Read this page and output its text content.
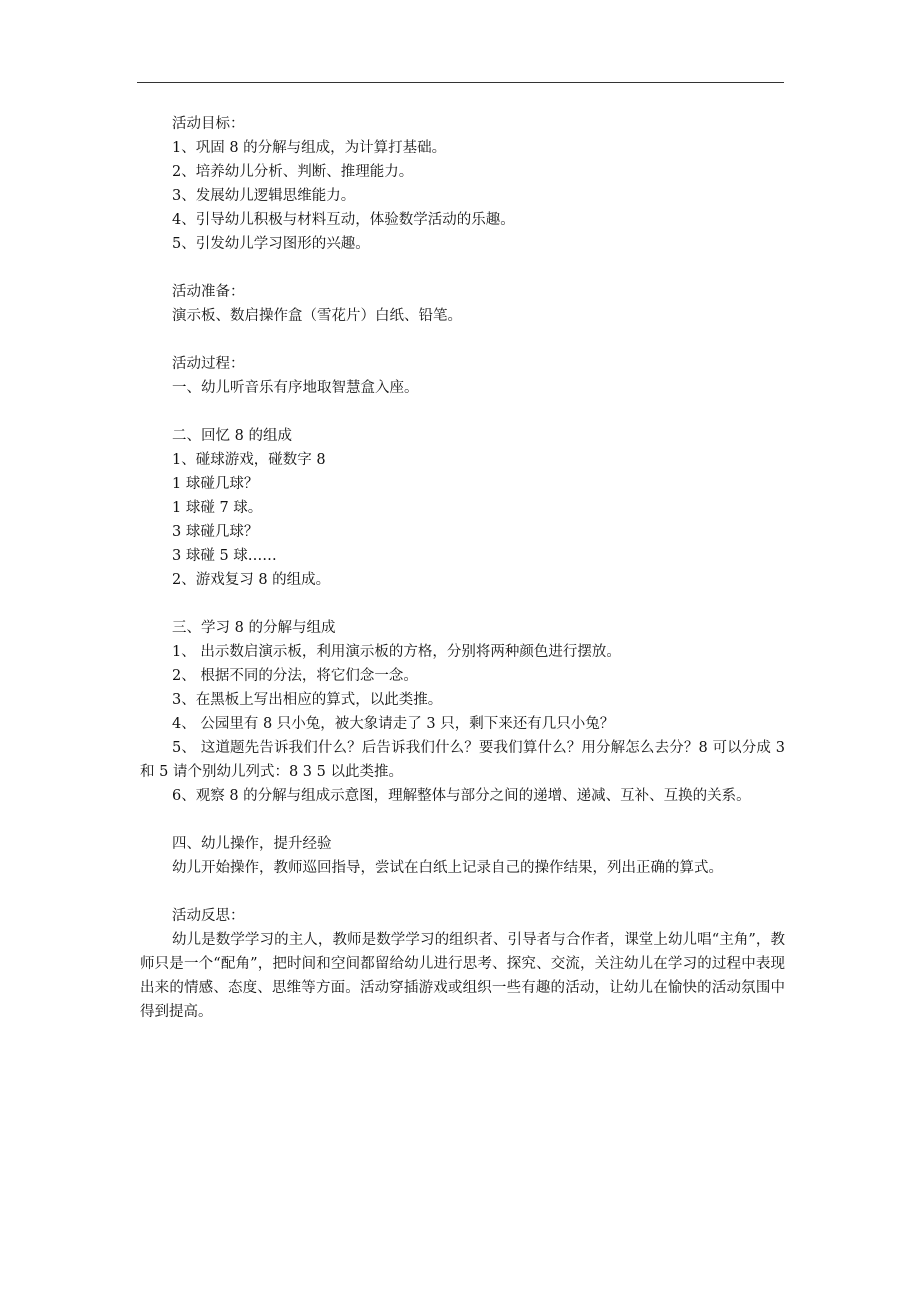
活动目标：
1、巩固 8 的分解与组成，为计算打基础。
2、培养幼儿分析、判断、推理能力。
3、发展幼儿逻辑思维能力。
4、引导幼儿积极与材料互动，体验数学活动的乐趣。
5、引发幼儿学习图形的兴趣。
活动准备：
演示板、数启操作盒（雪花片）白纸、铅笔。
活动过程：
一、幼儿听音乐有序地取智慧盒入座。
二、回忆 8 的组成
1、碰球游戏，碰数字 8
1 球碰几球？
1 球碰 7 球。
3 球碰几球？
3 球碰 5 球……
2、游戏复习 8 的组成。
三、学习 8 的分解与组成
1、 出示数启演示板，利用演示板的方格，分别将两种颜色进行摆放。
2、 根据不同的分法，将它们念一念。
3、在黑板上写出相应的算式，以此类推。
4、 公园里有 8 只小兔，被大象请走了 3 只，剩下来还有几只小兔？
5、 这道题先告诉我们什么？后告诉我们什么？要我们算什么？用分解怎么去分？8 可以分成 3 和 5 请个别幼儿列式：8 3 5 以此类推。
6、观察 8 的分解与组成示意图，理解整体与部分之间的递增、递减、互补、互换的关系。
四、幼儿操作，提升经验
幼儿开始操作，教师巡回指导，尝试在白纸上记录自己的操作结果，列出正确的算式。
活动反思：
幼儿是数学学习的主人，教师是数学学习的组织者、引导者与合作者，课堂上幼儿唱“主角”，教师只是一个“配角”，把时间和空间都留给幼儿进行思考、探究、交流，关注幼儿在学习的过程中表现出来的情感、态度、思维等方面。活动穿插游戏或组织一些有趣的活动，让幼儿在愉快的活动氛围中得到提高。
